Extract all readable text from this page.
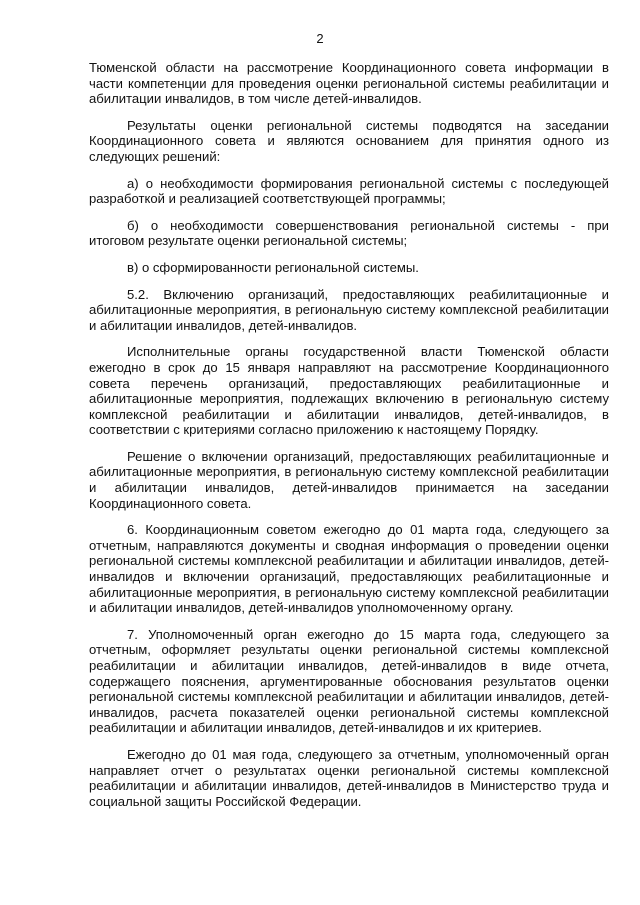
2

Тюменской области на рассмотрение Координационного совета информации в части компетенции для проведения оценки региональной системы реабилитации и абилитации инвалидов, в том числе детей-инвалидов.

Результаты оценки региональной системы подводятся на заседании Координационного совета и являются основанием для принятия одного из следующих решений:

а) о необходимости формирования региональной системы с последующей разработкой и реализацией соответствующей программы;

б) о необходимости совершенствования региональной системы - при итоговом результате оценки региональной системы;

в) о сформированности региональной системы.

5.2. Включению организаций, предоставляющих реабилитационные и абилитационные мероприятия, в региональную систему комплексной реабилитации и абилитации инвалидов, детей-инвалидов.

Исполнительные органы государственной власти Тюменской области ежегодно в срок до 15 января направляют на рассмотрение Координационного совета перечень организаций, предоставляющих реабилитационные и абилитационные мероприятия, подлежащих включению в региональную систему комплексной реабилитации и абилитации инвалидов, детей-инвалидов, в соответствии с критериями согласно приложению к настоящему Порядку.

Решение о включении организаций, предоставляющих реабилитационные и абилитационные мероприятия, в региональную систему комплексной реабилитации и абилитации инвалидов, детей-инвалидов принимается на заседании Координационного совета.

6. Координационным советом ежегодно до 01 марта года, следующего за отчетным, направляются документы и сводная информация о проведении оценки региональной системы комплексной реабилитации и абилитации инвалидов, детей-инвалидов и включении организаций, предоставляющих реабилитационные и абилитационные мероприятия, в региональную систему комплексной реабилитации и абилитации инвалидов, детей-инвалидов уполномоченному органу.

7. Уполномоченный орган ежегодно до 15 марта года, следующего за отчетным, оформляет результаты оценки региональной системы комплексной реабилитации и абилитации инвалидов, детей-инвалидов в виде отчета, содержащего пояснения, аргументированные обоснования результатов оценки региональной системы комплексной реабилитации и абилитации инвалидов, детей-инвалидов, расчета показателей оценки региональной системы комплексной реабилитации и абилитации инвалидов, детей-инвалидов и их критериев.

Ежегодно до 01 мая года, следующего за отчетным, уполномоченный орган направляет отчет о результатах оценки региональной системы комплексной реабилитации и абилитации инвалидов, детей-инвалидов в Министерство труда и социальной защиты Российской Федерации.
